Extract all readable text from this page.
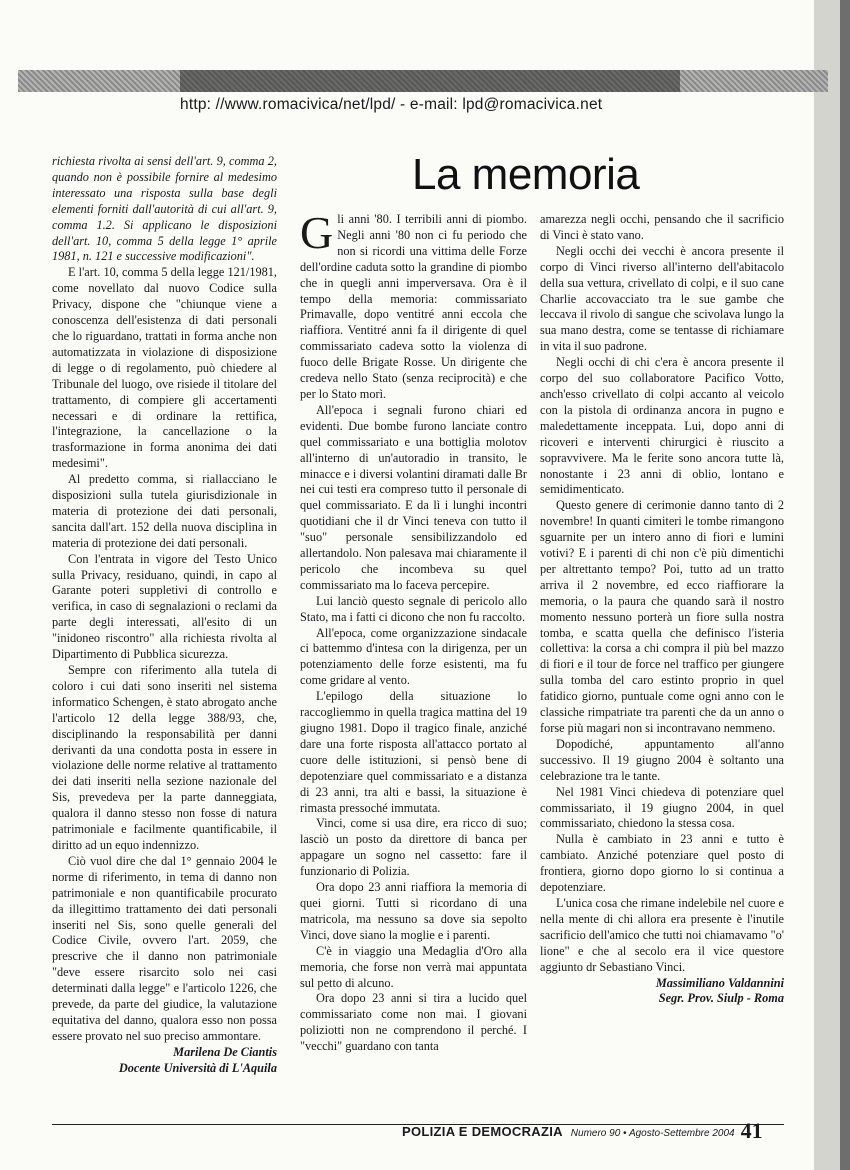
http: //www.romacivica/net/lpd/ - e-mail: lpd@romacivica.net
La memoria

richiesta rivolta ai sensi dell'art. 9, comma 2, quando non è possibile fornire al medesimo interessato una risposta sulla base degli elementi forniti dall'autorità di cui all'art. 9, comma 1.2. Si applicano le disposizioni dell'art. 10, comma 5 della legge 1° aprile 1981, n. 121 e successive modificazioni".

E l'art. 10, comma 5 della legge 121/1981, come novellato dal nuovo Codice sulla Privacy, dispone che "chiunque viene a conoscenza dell'esistenza di dati personali che lo riguardano, trattati in forma anche non automatizzata in violazione di disposizione di legge o di regolamento, può chiedere al Tribunale del luogo, ove risiede il titolare del trattamento, di compiere gli accertamenti necessari e di ordinare la rettifica, l'integrazione, la cancellazione o la trasformazione in forma anonima dei dati medesimi".

Al predetto comma, si riallacciano le disposizioni sulla tutela giurisdizionale in materia di protezione dei dati personali, sancita dall'art. 152 della nuova disciplina in materia di protezione dei dati personali.

Con l'entrata in vigore del Testo Unico sulla Privacy, residuano, quindi, in capo al Garante poteri suppletivi di controllo e verifica, in caso di segnalazioni o reclami da parte degli interessati, all'esito di un "inidoneo riscontro" alla richiesta rivolta al Dipartimento di Pubblica sicurezza.

Sempre con riferimento alla tutela di coloro i cui dati sono inseriti nel sistema informatico Schengen, è stato abrogato anche l'articolo 12 della legge 388/93, che, disciplinando la responsabilità per danni derivanti da una condotta posta in essere in violazione delle norme relative al trattamento dei dati inseriti nella sezione nazionale del Sis, prevedeva per la parte danneggiata, qualora il danno stesso non fosse di natura patrimoniale e facilmente quantificabile, il diritto ad un equo indennizzo.

Ciò vuol dire che dal 1° gennaio 2004 le norme di riferimento, in tema di danno non patrimoniale e non quantificabile procurato da illegittimo trattamento dei dati personali inseriti nel Sis, sono quelle generali del Codice Civile, ovvero l'art. 2059, che prescrive che il danno non patrimoniale "deve essere risarcito solo nei casi determinati dalla legge" e l'articolo 1226, che prevede, da parte del giudice, la valutazione equitativa del danno, qualora esso non possa essere provato nel suo preciso ammontare.

Marilena De Ciantis

Docente Università di L'Aquila

Gli anni '80. I terribili anni di piombo. Negli anni '80 non ci fu periodo che non si ricordi una vittima delle Forze dell'ordine caduta sotto la grandine di piombo che in quegli anni imperversava. Ora è il tempo della memoria: commissariato Primavalle, dopo ventitré anni eccola che riaffiora. Ventitré anni fa il dirigente di quel commissariato cadeva sotto la violenza di fuoco delle Brigate Rosse. Un dirigente che credeva nello Stato (senza reciprocità) e che per lo Stato morì.

All'epoca i segnali furono chiari ed evidenti. Due bombe furono lanciate contro quel commissariato e una bottiglia molotov all'interno di un'autoradio in transito, le minacce e i diversi volantini diramati dalle Br nei cui testi era compreso tutto il personale di quel commissariato. E da lì i lunghi incontri quotidiani che il dr Vinci teneva con tutto il "suo" personale sensibilizzandolo ed allertandolo. Non palesava mai chiaramente il pericolo che incombeva su quel commissariato ma lo faceva percepire.

Lui lanciò questo segnale di pericolo allo Stato, ma i fatti ci dicono che non fu raccolto.

All'epoca, come organizzazione sindacale ci battemmo d'intesa con la dirigenza, per un potenziamento delle forze esistenti, ma fu come gridare al vento.

L'epilogo della situazione lo raccogliemmo in quella tragica mattina del 19 giugno 1981. Dopo il tragico finale, anziché dare una forte risposta all'attacco portato al cuore delle istituzioni, si pensò bene di depotenziare quel commissariato e a distanza di 23 anni, tra alti e bassi, la situazione è rimasta pressoché immutata.

Vinci, come si usa dire, era ricco di suo; lasciò un posto da direttore di banca per appagare un sogno nel cassetto: fare il funzionario di Polizia.

Ora dopo 23 anni riaffiora la memoria di quei giorni. Tutti si ricordano di una matricola, ma nessuno sa dove sia sepolto Vinci, dove siano la moglie e i parenti.

C'è in viaggio una Medaglia d'Oro alla memoria, che forse non verrà mai appuntata sul petto di alcuno.

Ora dopo 23 anni si tira a lucido quel commissariato come non mai. I giovani poliziotti non ne comprendono il perché. I "vecchi" guardano con tanta

amarezza negli occhi, pensando che il sacrificio di Vinci è stato vano.

Negli occhi dei vecchi è ancora presente il corpo di Vinci riverso all'interno dell'abitacolo della sua vettura, crivellato di colpi, e il suo cane Charlie accovacciato tra le sue gambe che leccava il rivolo di sangue che scivolava lungo la sua mano destra, come se tentasse di richiamare in vita il suo padrone.

Negli occhi di chi c'era è ancora presente il corpo del suo collaboratore Pacifico Votto, anch'esso crivellato di colpi accanto al veicolo con la pistola di ordinanza ancora in pugno e maledettamente inceppata. Lui, dopo anni di ricoveri e interventi chirurgici è riuscito a sopravvivere. Ma le ferite sono ancora tutte là, nonostante i 23 anni di oblio, lontano e semidimenticato.

Questo genere di cerimonie danno tanto di 2 novembre! In quanti cimiteri le tombe rimangono sguarnite per un intero anno di fiori e lumini votivi? E i parenti di chi non c'è più dimentichi per altrettanto tempo? Poi, tutto ad un tratto arriva il 2 novembre, ed ecco riaffiorare la memoria, o la paura che quando sarà il nostro momento nessuno porterà un fiore sulla nostra tomba, e scatta quella che definisco l'isteria collettiva: la corsa a chi compra il più bel mazzo di fiori e il tour de force nel traffico per giungere sulla tomba del caro estinto proprio in quel fatidico giorno, puntuale come ogni anno con le classiche rimpatriate tra parenti che da un anno o forse più magari non si incontravano nemmeno.

Dopodiché, appuntamento all'anno successivo. Il 19 giugno 2004 è soltanto una celebrazione tra le tante.

Nel 1981 Vinci chiedeva di potenziare quel commissariato, il 19 giugno 2004, in quel commissariato, chiedono la stessa cosa.

Nulla è cambiato in 23 anni e tutto è cambiato. Anziché potenziare quel posto di frontiera, giorno dopo giorno lo si continua a depotenziare.

L'unica cosa che rimane indelebile nel cuore e nella mente di chi allora era presente è l'inutile sacrificio dell'amico che tutti noi chiamavamo "o' lione" e che al secolo era il vice questore aggiunto dr Sebastiano Vinci.

Massimiliano Valdannini

Segr. Prov. Siulp - Roma

POLIZIA E DEMOCRAZIA Numero 90 • Agosto-Settembre 2004 41
